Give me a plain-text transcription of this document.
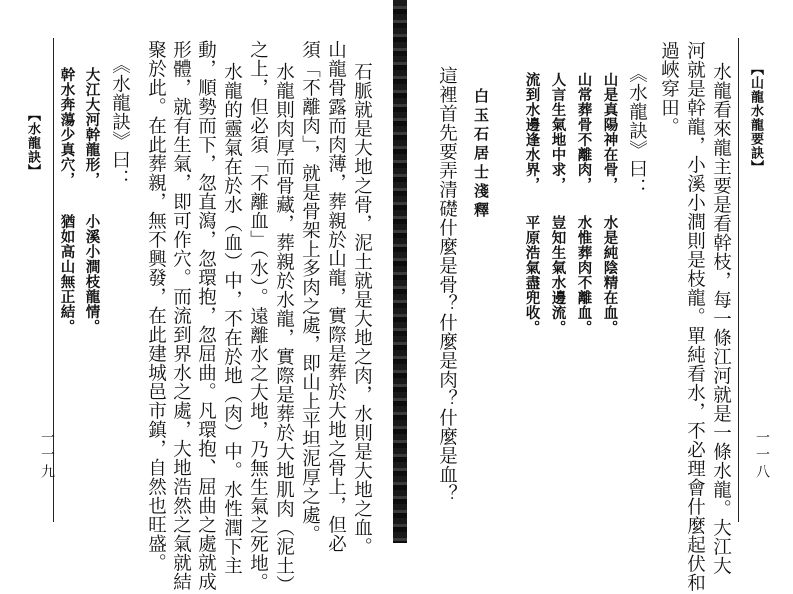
【水龍訣】
猶如高山無正結。 小溪小澗枝龍情。
幹水奔蕩少真穴， 大江大河幹龍形， 《水龍訣》曰： 聚於此。在此葬親，無不興發，在此建城邑市鎮，自然也旺盛。 形體，就有生氣，即可作穴。而流到界水之處，大地浩然之氣就結 動，順勢而下，忽直瀉，忽環抱，忽屈曲。凡環抱、屈曲之處就成 水龍的靈氣在於水（血）中，不在於地（肉）中。水性潤下主 之上，但必須「不離血」（水）。遠離水之大地，乃無生氣之死地。 水龍則肉厚而骨藏，葬親於水龍，實際是葬於大地肌肉（泥土） 須「不離肉」，就是骨架上多肉之處，即山上平坦泥厚之處。 山龍骨露而肉薄，葬親於山龍，實際是葬於大地之骨上，但必 石脈就是大地之骨，泥土就是大地之肉，水則是大地之血。
一一九	這裡首先要弄清礎什麼是骨？什麼是肉？什麼是血？ 白玉石居士淺釋
平原浩氣盡兜收。 豈知生氣水邊流。 水惟葬肉不離血。 水是純陰精在血。
流到水邊逢水界， 人言生氣地中求， 山常葬骨不離肉， 山是真陽神在骨， 《水龍訣》曰： 過峽穿田。 河就是幹龍，小溪小澗則是枝龍。單純看水，不必理會什麼起伏和 水龍看來龍主要是看幹枝，每一條江河就是一條水龍。大江大 【山龍水龍要訣】
一一八
